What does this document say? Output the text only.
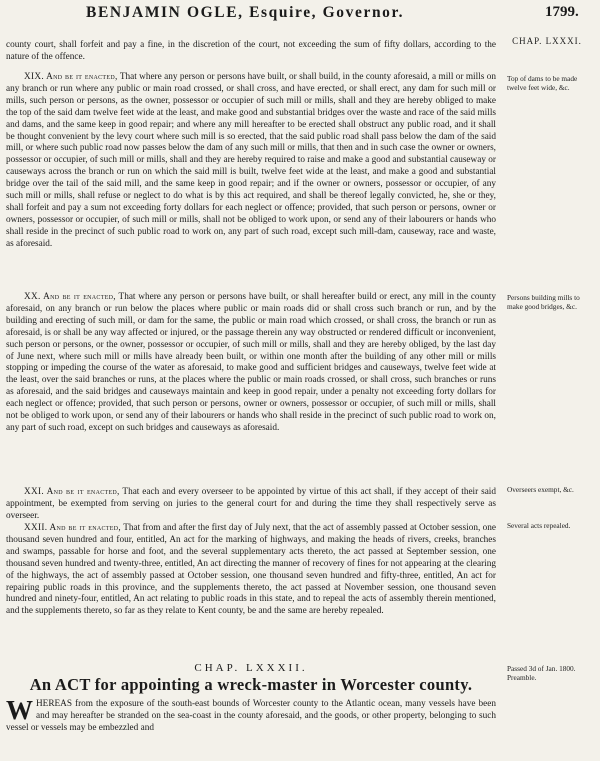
BENJAMIN OGLE, Esquire, Governor.	1799.
CHAP. LXXXI.
Top of dams to be made twelve feet wide, &c.
Persons building mills to make good bridges, &c.
Overseers exempt, &c.
Several acts repealed.
Passed 3d of Jan. 1800. Preamble.

county court, shall forfeit and pay a fine, in the discretion of the court, not exceeding the sum of fifty dollars, according to the nature of the offence.

XIX. And be it enacted, That where any person or persons have built, or shall build, in the county aforesaid, a mill or mills on any branch or run where any public or main road crossed, or shall cross, and have erected, or shall erect, any dam for such mill or mills, such person or persons, as the owner, possessor or occupier of such mill or mills, shall and they are hereby obliged to make the top of the said dam twelve feet wide at the least, and make good and substantial bridges over the waste and race of the said mills and dams, and the same keep in good repair; and where any mill hereafter to be erected shall obstruct any public road, and it shall be thought convenient by the levy court where such mill is so erected, that the said public road shall pass below the dam of the said mill, or where such public road now passes below the dam of any such mill or mills, that then and in such case the owner or owners, possessor or occupier, of such mill or mills, shall and they are hereby required to raise and make a good and substantial causeway or causeways across the branch or run on which the said mill is built, twelve feet wide at the least, and make a good and substantial bridge over the tail of the said mill, and the same keep in good repair; and if the owner or owners, possessor or occupier, of any such mill or mills, shall refuse or neglect to do what is by this act required, and shall be thereof legally convicted, he, she or they, shall forfeit and pay a sum not exceeding forty dollars for each neglect or offence; provided, that such person or persons, owner or owners, possessor or occupier, of such mill or mills, shall not be obliged to work upon, or send any of their labourers or hands who shall reside in the precinct of such public road to work on, any part of such road, except such mill-dam, causeway, race and waste, as aforesaid.

XX. And be it enacted, That where any person or persons have built, or shall hereafter build or erect, any mill in the county aforesaid, on any branch or run below the places where public or main roads did or shall cross such branch or run, and by the building and erecting of such mill, or dam for the same, the public or main road which crossed, or shall cross, the branch or run as aforesaid, is or shall be any way affected or injured, or the passage therein any way obstructed or rendered difficult or inconvenient, such person or persons, or the owner, possessor or occupier, of such mill or mills, shall and they are hereby obliged, by the last day of June next, where such mill or mills have already been built, or within one month after the building of any other mill or mills stopping or impeding the course of the water as aforesaid, to make good and sufficient bridges and causeways, twelve feet wide at the least, over the said branches or runs, at the places where the public or main roads crossed, or shall cross, such branches or runs as aforesaid, and the said bridges and causeways maintain and keep in good repair, under a penalty not exceeding forty dollars for each neglect or offence; provided, that such person or persons, owner or owners, possessor or occupier, of such mill or mills, shall not be obliged to work upon, or send any of their labourers or hands who shall reside in the precinct of such public road to work on, any part of such road, except on such bridges and causeways as aforesaid.

XXI. And be it enacted, That each and every overseer to be appointed by virtue of this act shall, if they accept of their said appointment, be exempted from serving on juries to the general court for and during the time they shall respectively serve as overseer.

XXII. And be it enacted, That from and after the first day of July next, that the act of assembly passed at October session, one thousand seven hundred and four, entitled, An act for the marking of highways, and making the heads of rivers, creeks, branches and swamps, passable for horse and foot, and the several supplementary acts thereto, the act passed at September session, one thousand seven hundred and twenty-three, entitled, An act directing the manner of recovery of fines for not appearing at the clearing of the highways, the act of assembly passed at October session, one thousand seven hundred and fifty-three, entitled, An act for repairing public roads in this province, and the supplements thereto, the act passed at November session, one thousand seven hundred and ninety-four, entitled, An act relating to public roads in this state, and to repeal the acts of assembly therein mentioned, and the supplements thereto, so far as they relate to Kent county, be and the same are hereby repealed.

CHAP. LXXXII.
An ACT for appointing a wreck-master in Worcester county.
WHEREAS from the exposure of the south-east bounds of Worcester county to the Atlantic ocean, many vessels have been and may hereafter be stranded on the sea-coast in the county aforesaid, and the goods, or other property, belonging to such vessel or vessels may be embezzled and
